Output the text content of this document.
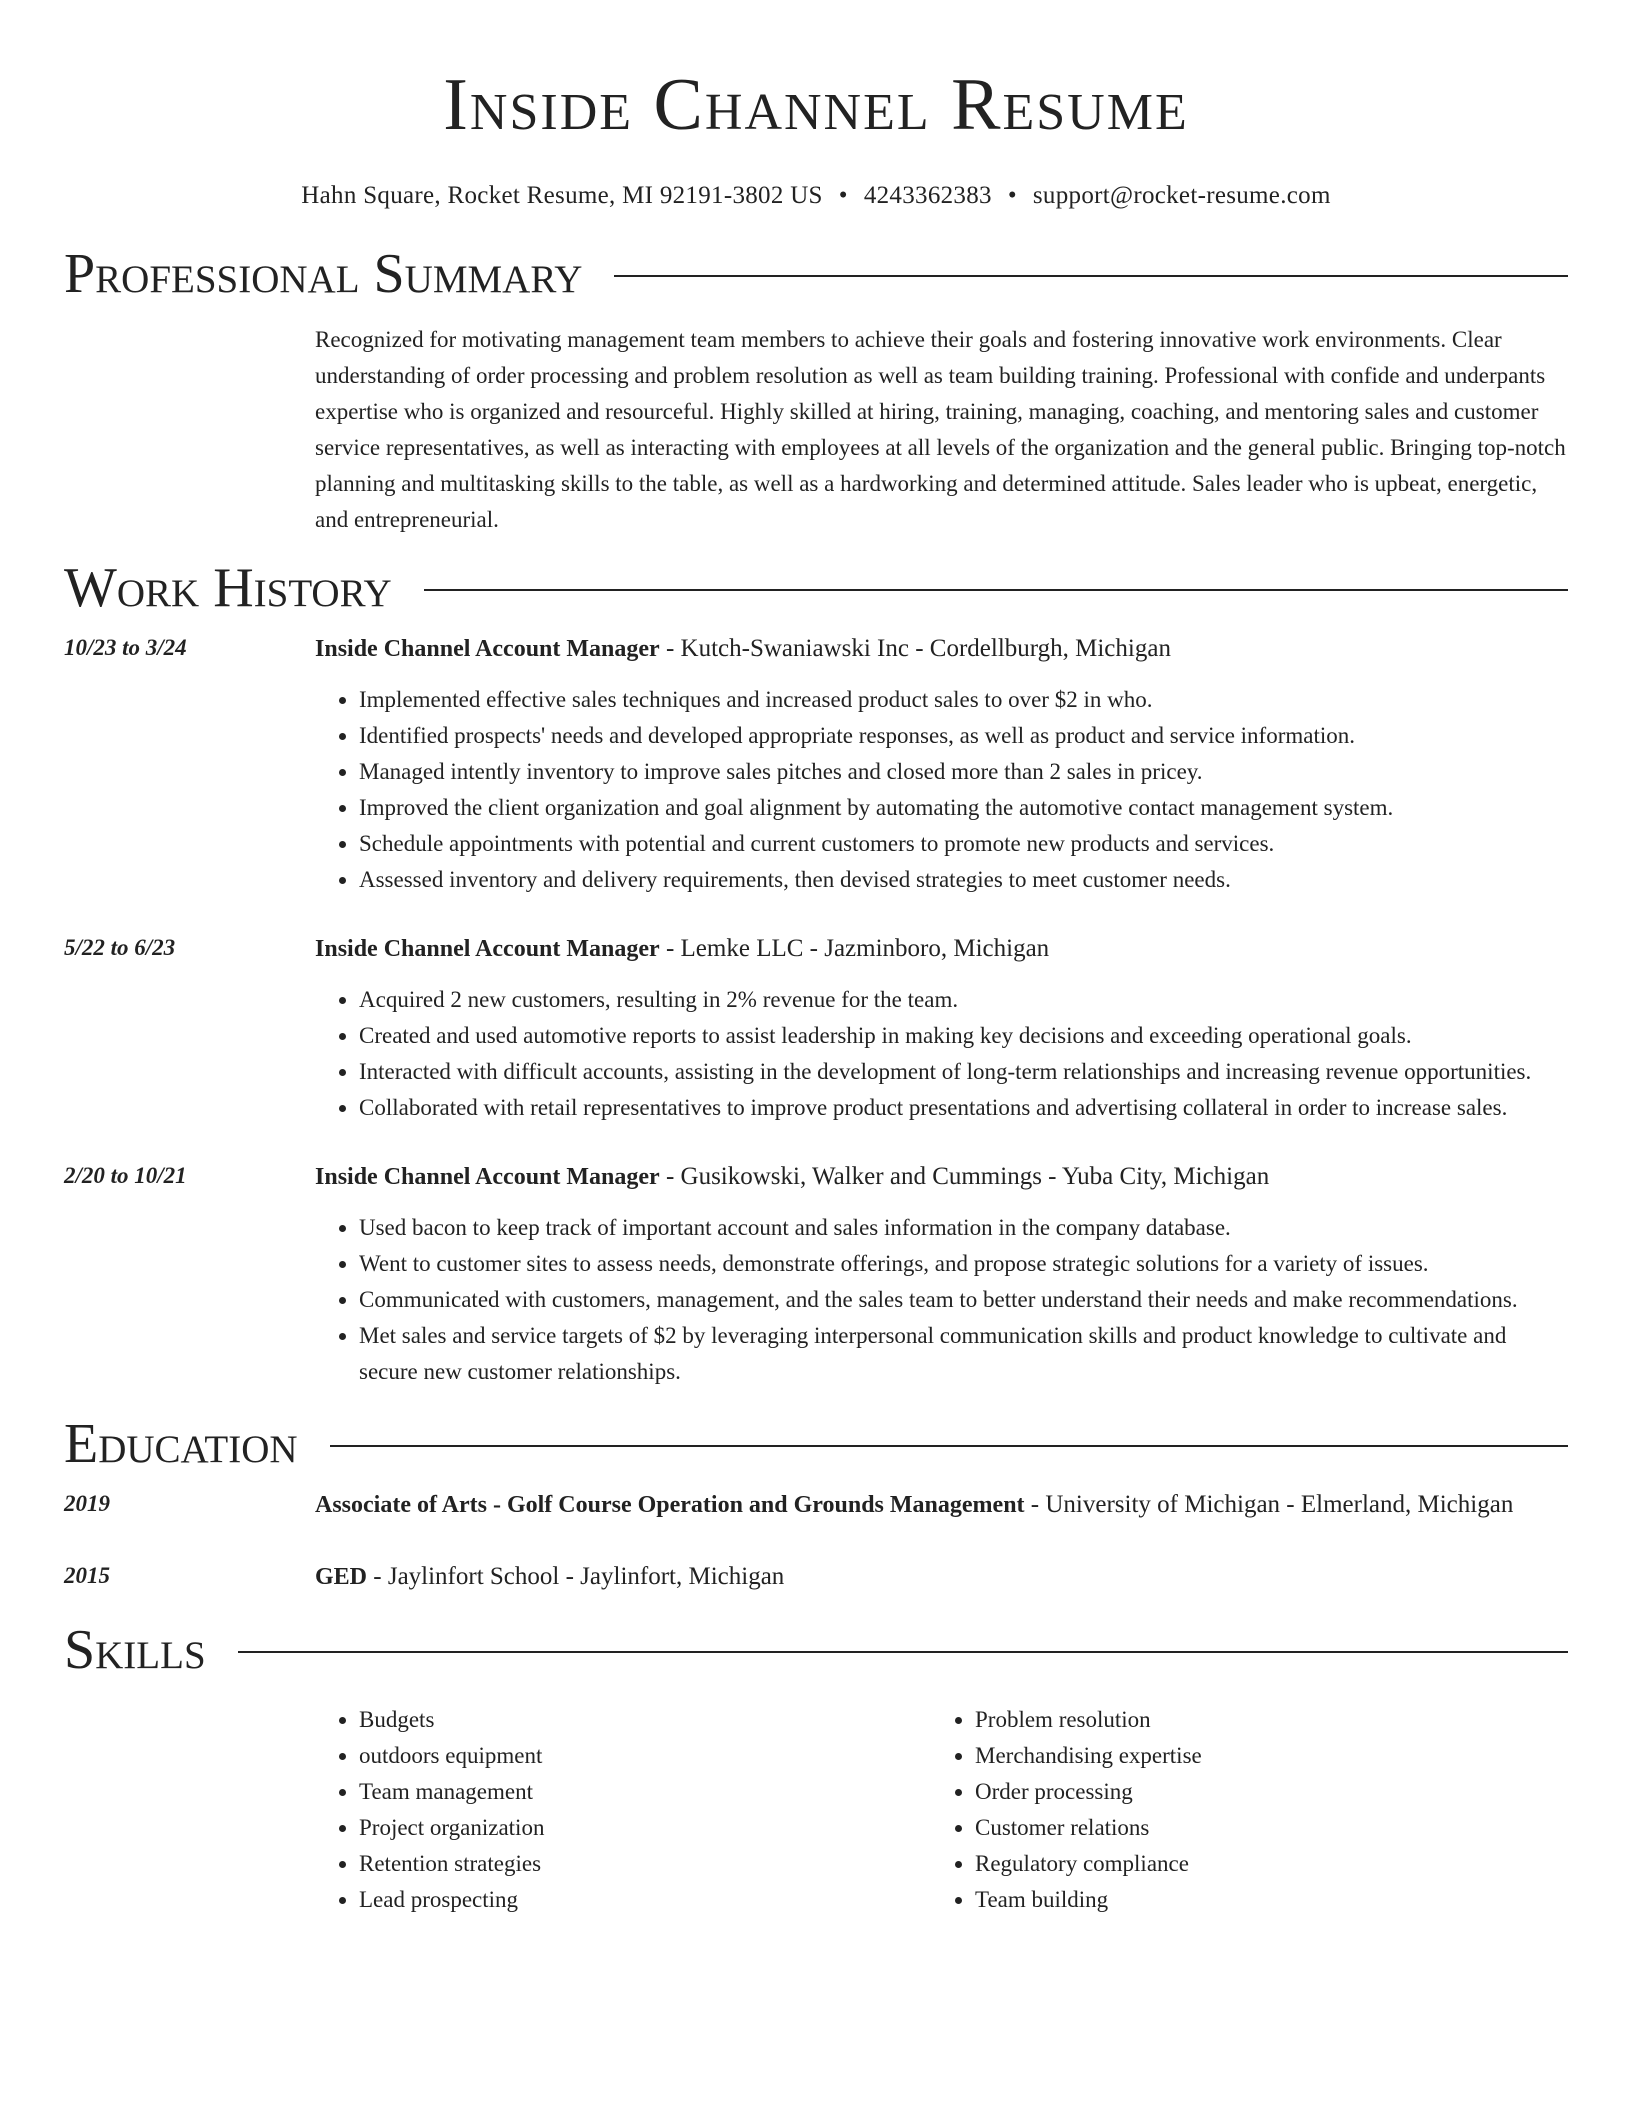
Inside Channel Resume
Hahn Square, Rocket Resume, MI 92191-3802 US • 4243362383 • support@rocket-resume.com
Professional Summary
Recognized for motivating management team members to achieve their goals and fostering innovative work environments. Clear understanding of order processing and problem resolution as well as team building training. Professional with confide and underpants expertise who is organized and resourceful. Highly skilled at hiring, training, managing, coaching, and mentoring sales and customer service representatives, as well as interacting with employees at all levels of the organization and the general public. Bringing top-notch planning and multitasking skills to the table, as well as a hardworking and determined attitude. Sales leader who is upbeat, energetic, and entrepreneurial.
Work History
10/23 to 3/24	Inside Channel Account Manager - Kutch-Swaniawski Inc - Cordellburgh, Michigan
• Implemented effective sales techniques and increased product sales to over $2 in who.
• Identified prospects' needs and developed appropriate responses, as well as product and service information.
• Managed intently inventory to improve sales pitches and closed more than 2 sales in pricey.
• Improved the client organization and goal alignment by automating the automotive contact management system.
• Schedule appointments with potential and current customers to promote new products and services.
• Assessed inventory and delivery requirements, then devised strategies to meet customer needs.
5/22 to 6/23	Inside Channel Account Manager - Lemke LLC - Jazminboro, Michigan
• Acquired 2 new customers, resulting in 2% revenue for the team.
• Created and used automotive reports to assist leadership in making key decisions and exceeding operational goals.
• Interacted with difficult accounts, assisting in the development of long-term relationships and increasing revenue opportunities.
• Collaborated with retail representatives to improve product presentations and advertising collateral in order to increase sales.
2/20 to 10/21	Inside Channel Account Manager - Gusikowski, Walker and Cummings - Yuba City, Michigan
• Used bacon to keep track of important account and sales information in the company database.
• Went to customer sites to assess needs, demonstrate offerings, and propose strategic solutions for a variety of issues.
• Communicated with customers, management, and the sales team to better understand their needs and make recommendations.
• Met sales and service targets of $2 by leveraging interpersonal communication skills and product knowledge to cultivate and secure new customer relationships.
Education
2019	Associate of Arts - Golf Course Operation and Grounds Management - University of Michigan - Elmerland, Michigan
2015	GED - Jaylinfort School - Jaylinfort, Michigan
Skills
• Budgets
• outdoors equipment
• Team management
• Project organization
• Retention strategies
• Lead prospecting
• Problem resolution
• Merchandising expertise
• Order processing
• Customer relations
• Regulatory compliance
• Team building
